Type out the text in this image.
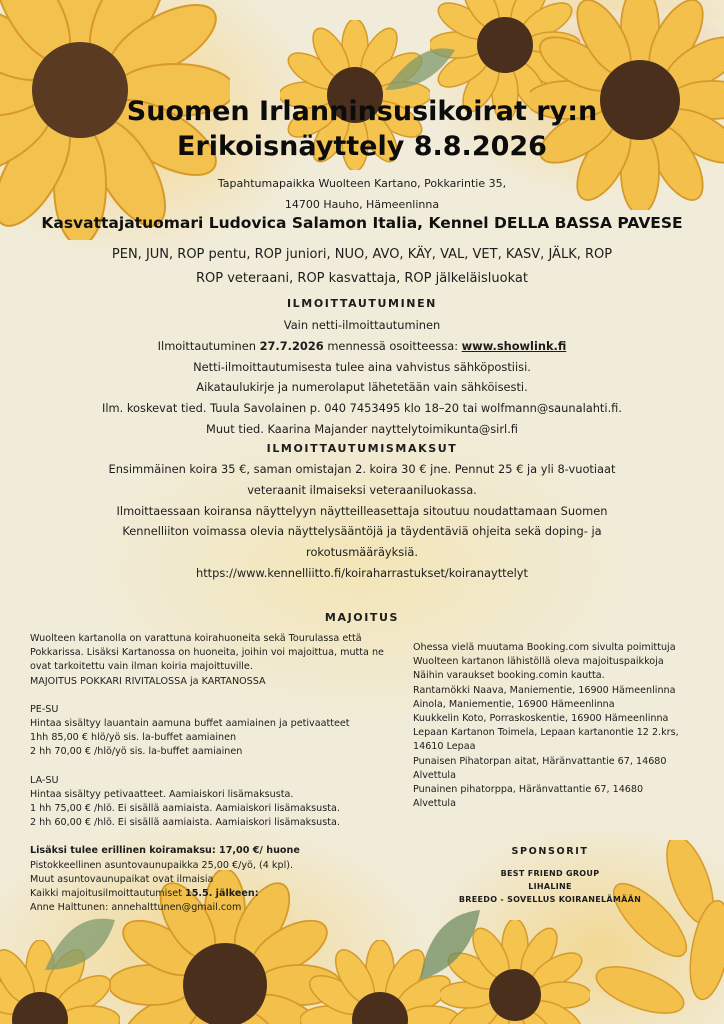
Suomen Irlanninsusikoirat ry:n
Erikoisnäyttely 8.8.2026
Tapahtumapaikka Wuolteen Kartano, Pokkarintie 35,
14700 Hauho, Hämeenlinna
Kasvattajatuomari Ludovica Salamon Italia, Kennel DELLA BASSA PAVESE
PEN, JUN, ROP pentu, ROP juniori, NUO, AVO, KÄY, VAL, VET, KASV, JÄLK, ROP
ROP veteraani, ROP kasvattaja, ROP jälkeläisluokat
ILMOITTAUTUMINEN
Vain netti-ilmoittautuminen
Ilmoittautuminen 27.7.2026 mennessä osoitteessa: www.showlink.fi
Netti-ilmoittautumisesta tulee aina vahvistus sähköpostiisi.
Aikataulukirje ja numerolaput lähetetään vain sähköisesti.
Ilm. koskevat tied. Tuula Savolainen p. 040 7453495 klo 18–20 tai wolfmann@saunalahti.fi.
Muut tied. Kaarina Majander nayttelytoimikunta@sirl.fi
ILMOITTAUTUMISMAKSUT
Ensimmäinen koira 35 €, saman omistajan 2. koira 30 € jne. Pennut 25 € ja yli 8-vuotiaat
veteraanit ilmaiseksi veteraaniluokassa.
Ilmoittaessaan koiransa näyttelyyn näytteilleasettaja sitoutuu noudattamaan Suomen
Kennelliiton voimassa olevia näyttelysääntöjä ja täydentäviä ohjeita sekä doping- ja
rokotusmääräyksiä.
https://www.kennelliitto.fi/koiraharrastukset/koiranayttelyt
MAJOITUS

Wuolteen kartanolla on varattuna koirahuoneita sekä Tourulassa että

Pokkarissa. Lisäksi Kartanossa on huoneita, joihin voi majoittua, mutta ne

ovat tarkoitettu vain ilman koiria majoittuville.

MAJOITUS POKKARI RIVITALOSSA ja KARTANOSSA

PE-SU

Hintaa sisältyy lauantain aamuna buffet aamiainen ja petivaatteet

1hh 85,00 € hlö/yö sis. la-buffet aamiainen

2 hh 70,00 € /hlö/yö sis. la-buffet aamiainen

LA-SU

Hintaa sisältyy petivaatteet. Aamiaiskori lisämaksusta.

1 hh 75,00 € /hlö. Ei sisällä aamiaista. Aamiaiskori lisämaksusta.

2 hh 60,00 € /hlö. Ei sisällä aamiaista. Aamiaiskori lisämaksusta.

Lisäksi tulee erillinen koiramaksu: 17,00 €/ huone

Pistokkeellinen asuntovaunupaikka 25,00 €/yö, (4 kpl).

Muut asuntovaunupaikat ovat ilmaisia

Kaikki majoitusilmoittautumiset 15.5. jälkeen:

Anne Halttunen: annehalttunen@gmail.com

Ohessa vielä muutama Booking.com sivulta poimittuja

Wuolteen kartanon lähistöllä oleva majoituspaikkoja

Näihin varaukset booking.comin kautta.

Rantamökki Naava, Maniementie, 16900 Hämeenlinna

Ainola, Maniementie, 16900 Hämeenlinna

Kuukkelin Koto, Porraskoskentie, 16900 Hämeenlinna

Lepaan Kartanon Toimela, Lepaan kartanontie 12 2.krs,

14610 Lepaa

Punaisen Pihatorpan aitat, Häränvattantie 67, 14680

Alvettula

Punainen pihatorppa, Häränvattantie 67, 14680

Alvettula

SPONSORIT
BEST FRIEND GROUP
LIHALINE
BREEDO - SOVELLUS KOIRANELÄMÄÄN
